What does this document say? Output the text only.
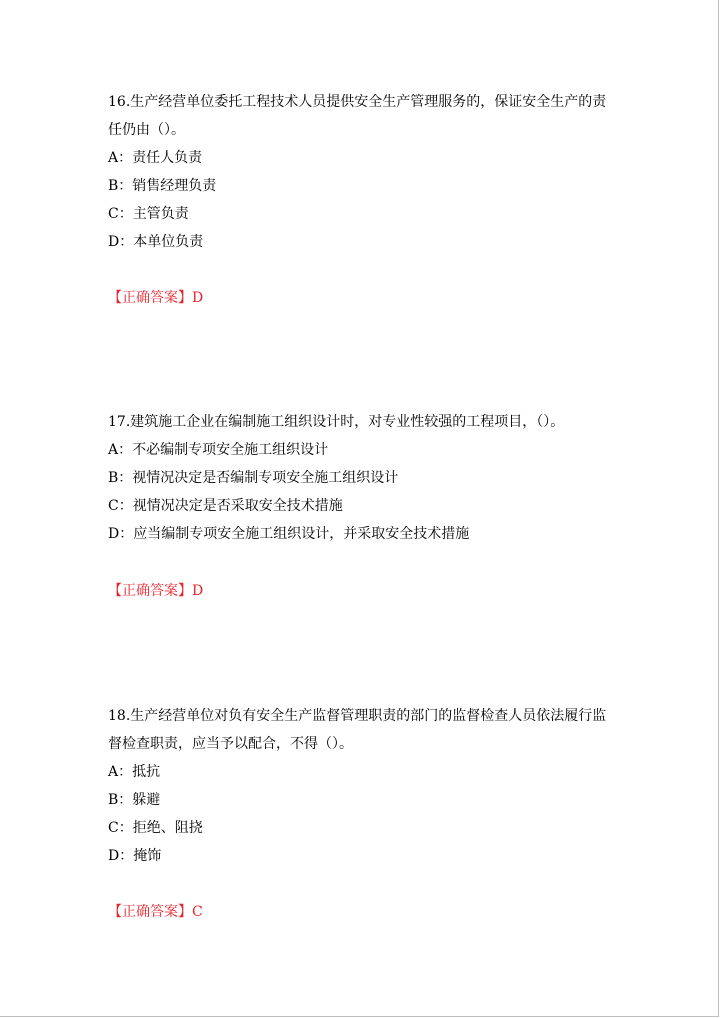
16.生产经营单位委托工程技术人员提供安全生产管理服务的，保证安全生产的责任仍由（）。

A：责任人负责

B：销售经理负责

C：主管负责

D：本单位负责

【正确答案】D

17.建筑施工企业在编制施工组织设计时，对专业性较强的工程项目，（）。

A：不必编制专项安全施工组织设计

B：视情况决定是否编制专项安全施工组织设计

C：视情况决定是否采取安全技术措施

D：应当编制专项安全施工组织设计，并采取安全技术措施

【正确答案】D

18.生产经营单位对负有安全生产监督管理职责的部门的监督检查人员依法履行监督检查职责，应当予以配合，不得（）。

A：抵抗

B：躲避

C：拒绝、阻挠

D：掩饰

【正确答案】C
